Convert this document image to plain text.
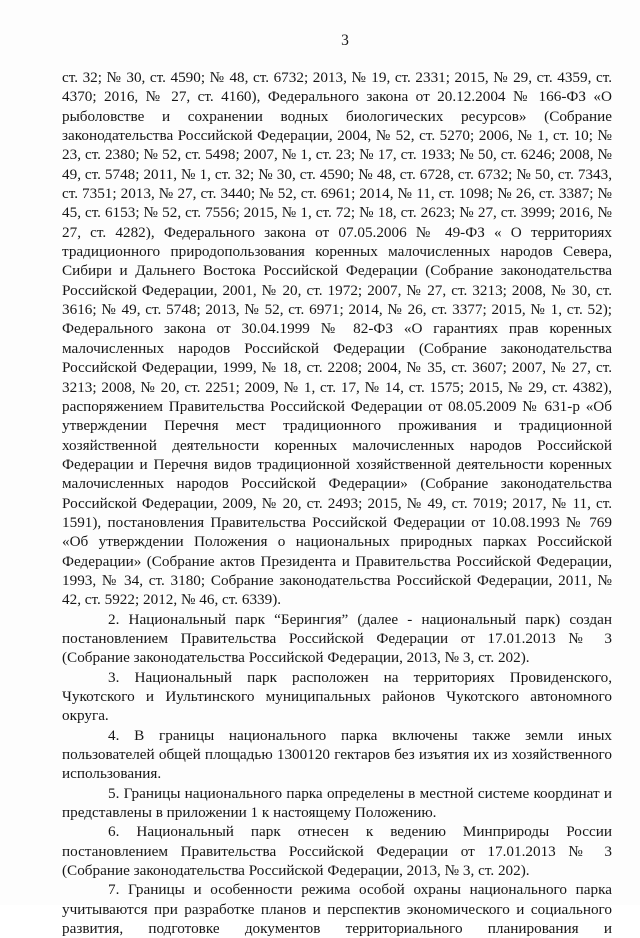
3

ст. 32; № 30, ст. 4590; № 48, ст. 6732; 2013, № 19, ст. 2331; 2015, № 29, ст. 4359, ст. 4370; 2016, № 27, ст. 4160), Федерального закона от 20.12.2004 № 166-ФЗ «О рыболовстве и сохранении водных биологических ресурсов» (Собрание законодательства Российской Федерации, 2004, № 52, ст. 5270; 2006, № 1, ст. 10; № 23, ст. 2380; № 52, ст. 5498; 2007, № 1, ст. 23; № 17, ст. 1933; № 50, ст. 6246; 2008, № 49, ст. 5748; 2011, № 1, ст. 32; № 30, ст. 4590; № 48, ст. 6728, ст. 6732; № 50, ст. 7343, ст. 7351; 2013, № 27, ст. 3440; № 52, ст. 6961; 2014, № 11, ст. 1098; № 26, ст. 3387; № 45, ст. 6153; № 52, ст. 7556; 2015, № 1, ст. 72; № 18, ст. 2623; № 27, ст. 3999; 2016, № 27, ст. 4282), Федерального закона от 07.05.2006 № 49-ФЗ « О территориях традиционного природопользования коренных малочисленных народов Севера, Сибири и Дальнего Востока Российской Федерации (Собрание законодательства Российской Федерации, 2001, № 20, ст. 1972; 2007, № 27, ст. 3213; 2008, № 30, ст. 3616; № 49, ст. 5748; 2013, № 52, ст. 6971; 2014, № 26, ст. 3377; 2015, № 1, ст. 52); Федерального закона от 30.04.1999 № 82-ФЗ «О гарантиях прав коренных малочисленных народов Российской Федерации (Собрание законодательства Российской Федерации, 1999, № 18, ст. 2208; 2004, № 35, ст. 3607; 2007, № 27, ст. 3213; 2008, № 20, ст. 2251; 2009, № 1, ст. 17, № 14, ст. 1575; 2015, № 29, ст. 4382), распоряжением Правительства Российской Федерации от 08.05.2009 № 631-р «Об утверждении Перечня мест традиционного проживания и традиционной хозяйственной деятельности коренных малочисленных народов Российской Федерации и Перечня видов традиционной хозяйственной деятельности коренных малочисленных народов Российской Федерации» (Собрание законодательства Российской Федерации, 2009, № 20, ст. 2493; 2015, № 49, ст. 7019; 2017, № 11, ст. 1591), постановления Правительства Российской Федерации от 10.08.1993 № 769 «Об утверждении Положения о национальных природных парках Российской Федерации» (Собрание актов Президента и Правительства Российской Федерации, 1993, № 34, ст. 3180; Собрание законодательства Российской Федерации, 2011, № 42, ст. 5922; 2012, № 46, ст. 6339).

2. Национальный парк “Берингия” (далее - национальный парк) создан постановлением Правительства Российской Федерации от 17.01.2013 № 3 (Собрание законодательства Российской Федерации, 2013, № 3, ст. 202).

3. Национальный парк расположен на территориях Провиденского, Чукотского и Иультинского муниципальных районов Чукотского автономного округа.

4. В границы национального парка включены также земли иных пользователей общей площадью 1300120 гектаров без изъятия их из хозяйственного использования.

5. Границы национального парка определены в местной системе координат и представлены в приложении 1 к настоящему Положению.

6. Национальный парк отнесен к ведению Минприроды России постановлением Правительства Российской Федерации от 17.01.2013 № 3 (Собрание законодательства Российской Федерации, 2013, № 3, ст. 202).

7. Границы и особенности режима особой охраны национального парка учитываются при разработке планов и перспектив экономического и социального развития, подготовке документов территориального планирования и
